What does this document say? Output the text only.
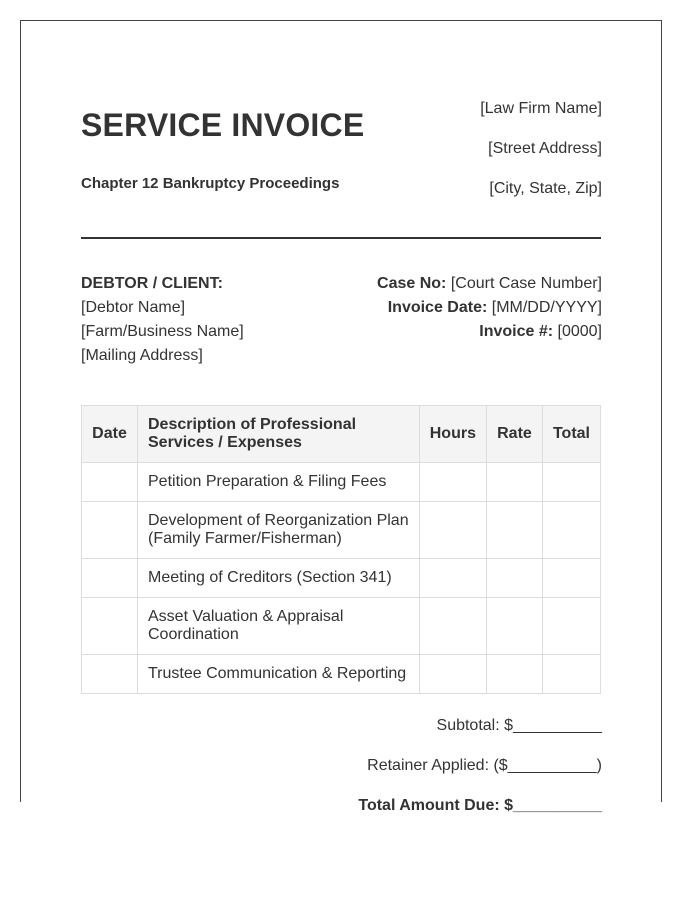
SERVICE INVOICE
Chapter 12 Bankruptcy Proceedings
[Law Firm Name]
[Street Address]
[City, State, Zip]
DEBTOR / CLIENT:
[Debtor Name]
[Farm/Business Name]
[Mailing Address]
Case No: [Court Case Number]
Invoice Date: [MM/DD/YYYY]
Invoice #: [0000]
Date	Description of Professional Services / Expenses	Hours	Rate	Total
	Petition Preparation & Filing Fees			
	Development of Reorganization Plan (Family Farmer/Fisherman)			
	Meeting of Creditors (Section 341)			
	Asset Valuation & Appraisal Coordination			
	Trustee Communication & Reporting			
Subtotal: $__________
Retainer Applied: ($__________)
Total Amount Due: $__________
